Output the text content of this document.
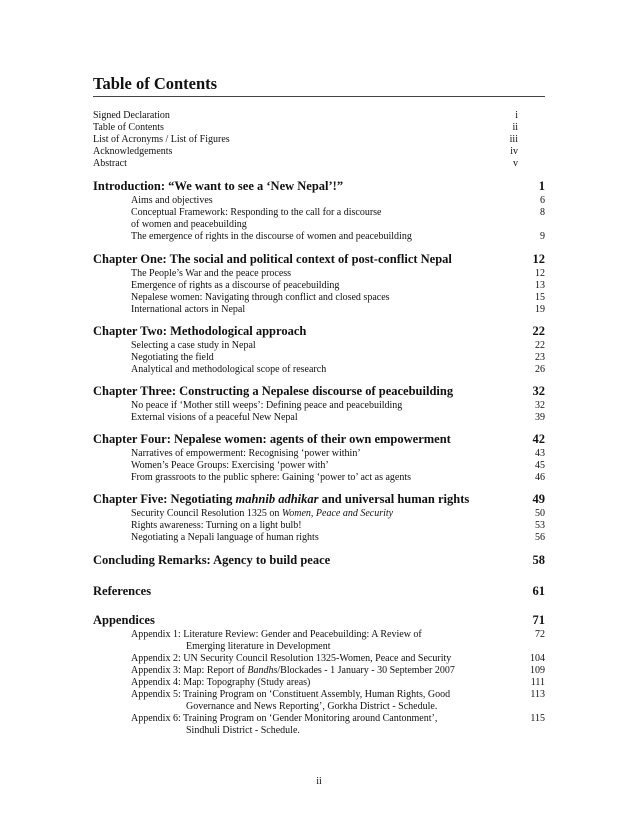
Table of Contents
Signed Declaration	i
Table of Contents	ii
List of Acronyms / List of Figures	iii
Acknowledgements	iv
Abstract	v
Introduction: “We want to see a ‘New Nepal’!”	1
Aims and objectives	6
Conceptual Framework: Responding to the call for a discourse	8
of women and peacebuilding
The emergence of rights in the discourse of women and peacebuilding	9
Chapter One: The social and political context of post-conflict Nepal	12
The People’s War and the peace process	12
Emergence of rights as a discourse of peacebuilding	13
Nepalese women: Navigating through conflict and closed spaces	15
International actors in Nepal	19
Chapter Two: Methodological approach	22
Selecting a case study in Nepal	22
Negotiating the field	23
Analytical and methodological scope of research	26
Chapter Three: Constructing a Nepalese discourse of peacebuilding	32
No peace if ‘Mother still weeps’: Defining peace and peacebuilding	32
External visions of a peaceful New Nepal	39
Chapter Four: Nepalese women: agents of their own empowerment	42
Narratives of empowerment: Recognising ‘power within’	43
Women’s Peace Groups: Exercising ‘power with’	45
From grassroots to the public sphere: Gaining ‘power to’ act as agents	46
Chapter Five: Negotiating mahnib adhikar and universal human rights	49
Security Council Resolution 1325 on Women, Peace and Security	50
Rights awareness: Turning on a light bulb!	53
Negotiating a Nepali language of human rights	56
Concluding Remarks: Agency to build peace	58
References	61
Appendices	71
Appendix 1: Literature Review: Gender and Peacebuilding: A Review of	72
Emerging literature in Development
Appendix 2: UN Security Council Resolution 1325-Women, Peace and Security	104
Appendix 3: Map: Report of Bandhs/Blockades - 1 January - 30 September 2007	109
Appendix 4: Map: Topography (Study areas)	111
Appendix 5: Training Program on ‘Constituent Assembly, Human Rights, Good	113
Governance and News Reporting’, Gorkha District - Schedule.
Appendix 6: Training Program on ‘Gender Monitoring around Cantonment’,	115
Sindhuli District - Schedule.
ii
